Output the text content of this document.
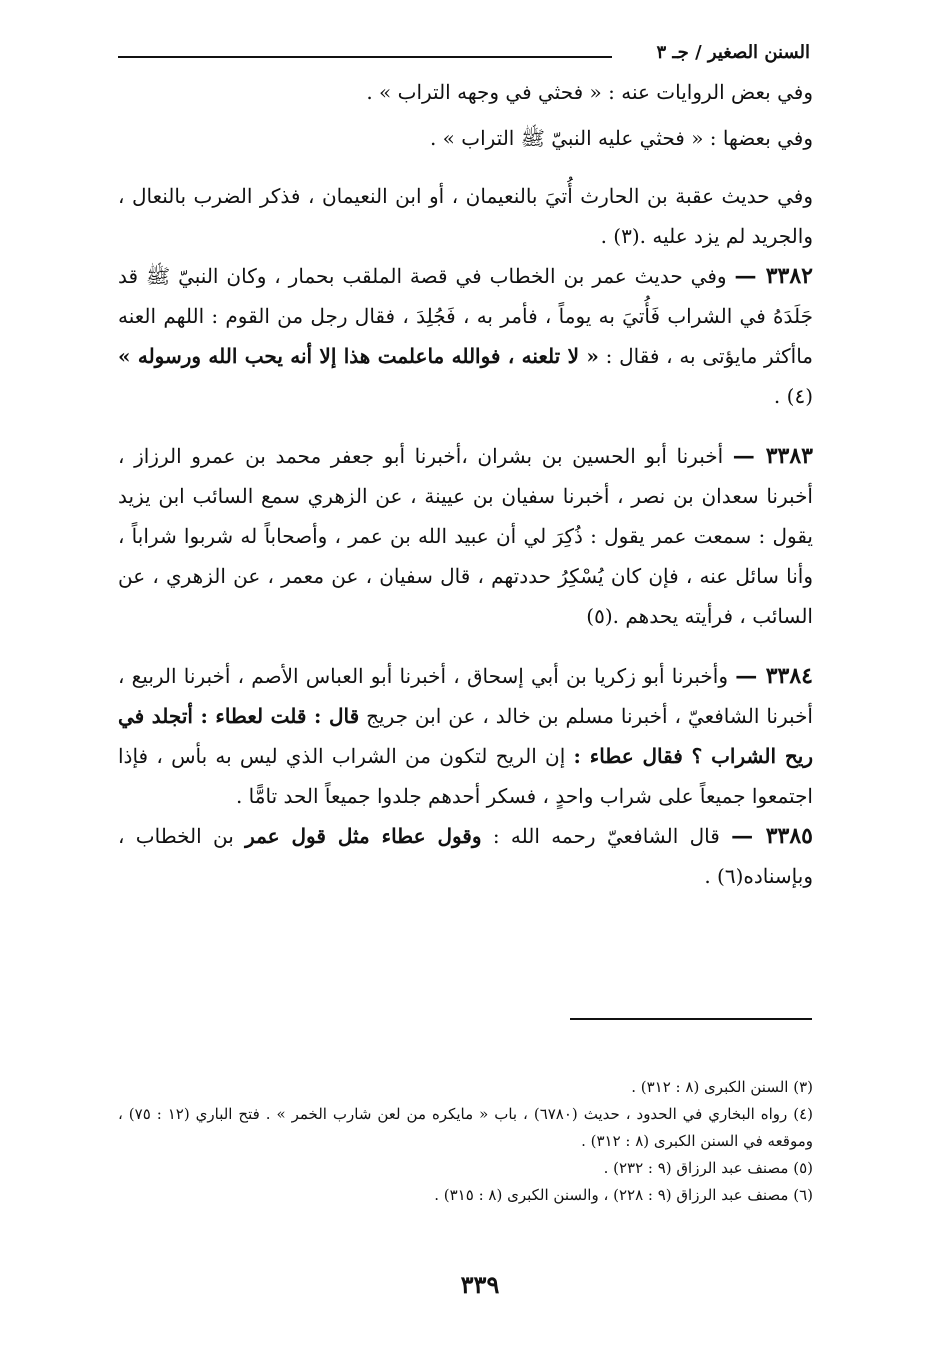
السنن الصغير / جـ ٣

وفي بعض الروايات عنه : « فحثي في وجهه التراب » .

وفي بعضها : « فحثي عليه النبيّ ﷺ التراب » .

وفي حديث عقبة بن الحارث أُتيَ بالنعيمان ، أو ابن النعيمان ، فذكر الضرب بالنعال ، والجريد لم يزد عليه .(٣) .

٣٣٨٢ — وفي حديث عمر بن الخطاب في قصة الملقب بحمار ، وكان النبيّ ﷺ قد جَلَدَهُ في الشراب فَأُتيَ به يوماً ، فأمر به ، فَجُلِدَ ، فقال رجل من القوم : اللهم العنه ماأكثر مايؤتى به ، فقال : « لا تلعنه ، فوالله ماعلمت هذا إلا أنه يحب الله ورسوله » (٤) .

٣٣٨٣ — أخبرنا أبو الحسين بن بشران ،أخبرنا أبو جعفر محمد بن عمرو الرزاز ، أخبرنا سعدان بن نصر ، أخبرنا سفيان بن عيينة ، عن الزهري سمع السائب ابن يزيد يقول : سمعت عمر يقول : ذُكِرَ لي أن عبيد الله بن عمر ، وأصحاباً له شربوا شراباً ، وأنا سائل عنه ، فإن كان يُسْكِرُ حددتهم ، قال سفيان ، عن معمر ، عن الزهري ، عن السائب ، فرأيته يحدهم .(٥)

٣٣٨٤ — وأخبرنا أبو زكريا بن أبي إسحاق ، أخبرنا أبو العباس الأصم ، أخبرنا الربيع ، أخبرنا الشافعيّ ، أخبرنا مسلم بن خالد ، عن ابن جريج قال : قلت لعطاء : أتجلد في ريح الشراب ؟ فقال عطاء : إن الريح لتكون من الشراب الذي ليس به بأس ، فإذا اجتمعوا جميعاً على شراب واحدٍ ، فسكر أحدهم جلدوا جميعاً الحد تامًّا .

٣٣٨٥ — قال الشافعيّ رحمه الله : وقول عطاء مثل قول عمر بن الخطاب ، وبإسناده(٦) .

(٣) السنن الكبرى (٨ : ٣١٢) .

(٤) رواه البخاري في الحدود ، حديث (٦٧٨٠) ، باب « مايكره من لعن شارب الخمر » . فتح الباري (١٢ : ٧٥) ، وموقعه في السنن الكبرى (٨ : ٣١٢) .

(٥) مصنف عبد الرزاق (٩ : ٢٣٢) .

(٦) مصنف عبد الرزاق (٩ : ٢٢٨) ، والسنن الكبرى (٨ : ٣١٥) .

٣٣٩
